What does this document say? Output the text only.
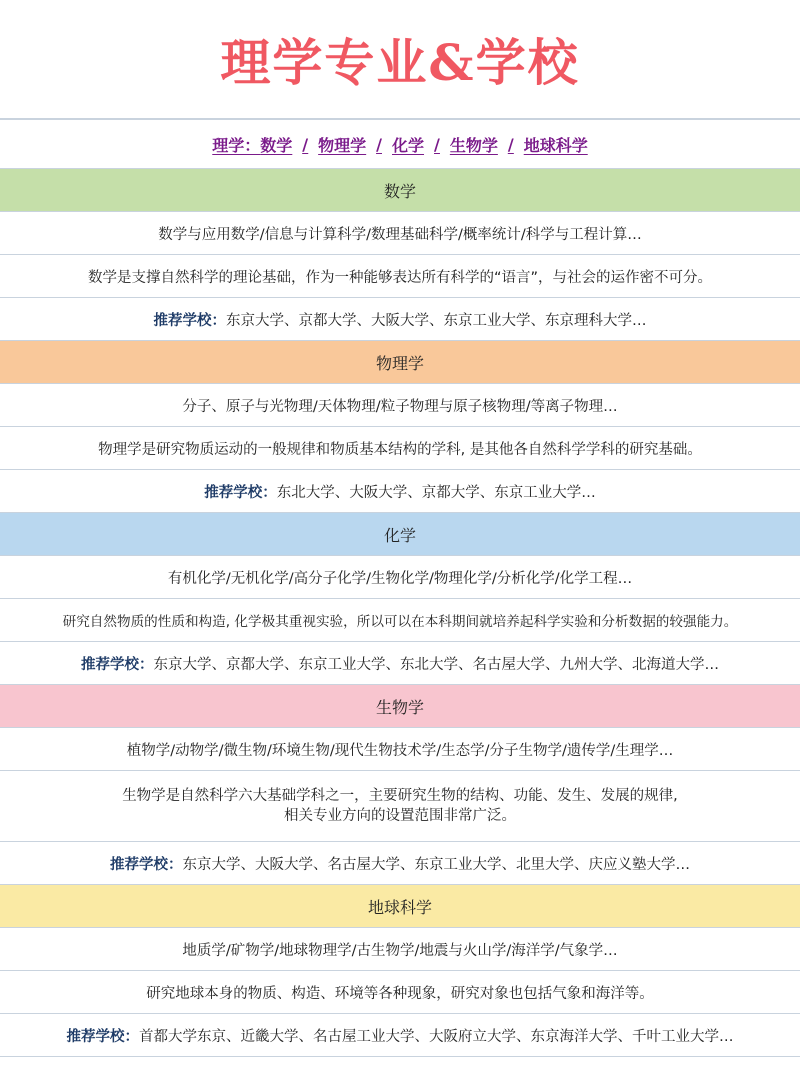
理学专业&学校
理学： 数学 / 物理学 / 化学 / 生物学 / 地球科学
数学
数学与应用数学/信息与计算科学/数理基础科学/概率统计/科学与工程计算…
数学是支撑自然科学的理论基础，作为一种能够表达所有科学的“语言”，与社会的运作密不可分。
推荐学校： 东京大学、京都大学、大阪大学、东京工业大学、东京理科大学…
物理学
分子、原子与光物理/天体物理/粒子物理与原子核物理/等离子物理…
物理学是研究物质运动的一般规律和物质基本结构的学科, 是其他各自然科学学科的研究基础。
推荐学校： 东北大学、大阪大学、京都大学、东京工业大学…
化学
有机化学/无机化学/高分子化学/生物化学/物理化学/分析化学/化学工程…
研究自然物质的性质和构造, 化学极其重视实验，所以可以在本科期间就培养起科学实验和分析数据的较强能力。
推荐学校： 东京大学、京都大学、东京工业大学、东北大学、名古屋大学、九州大学、北海道大学…
生物学
植物学/动物学/微生物/环境生物/现代生物技术学/生态学/分子生物学/遗传学/生理学…
生物学是自然科学六大基础学科之一，主要研究生物的结构、功能、发生、发展的规律,
相关专业方向的设置范围非常广泛。
推荐学校： 东京大学、大阪大学、名古屋大学、东京工业大学、北里大学、庆应义塾大学…
地球科学
地质学/矿物学/地球物理学/古生物学/地震与火山学/海洋学/气象学…
研究地球本身的物质、构造、环境等各种现象，研究对象也包括气象和海洋等。
推荐学校： 首都大学东京、近畿大学、名古屋工业大学、大阪府立大学、东京海洋大学、千叶工业大学…
